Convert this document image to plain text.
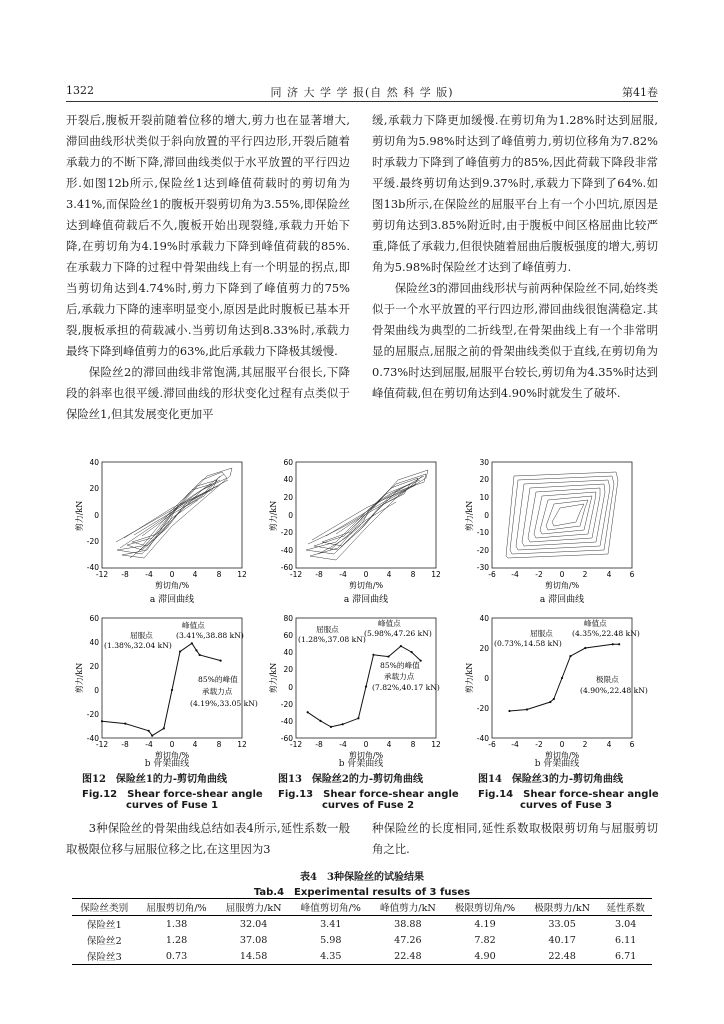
1322	同 济 大 学 学 报(自 然 科 学 版)	第41卷

开裂后,腹板开裂前随着位移的增大,剪力也在显著增大,滞回曲线形状类似于斜向放置的平行四边形,开裂后随着承载力的不断下降,滞回曲线类似于水平放置的平行四边形.如图12b所示,保险丝1达到峰值荷载时的剪切角为3.41%,而保险丝1的腹板开裂剪切角为3.55%,即保险丝达到峰值荷载后不久,腹板开始出现裂缝,承载力开始下降,在剪切角为4.19%时承载力下降到峰值荷载的85%.在承载力下降的过程中骨架曲线上有一个明显的拐点,即当剪切角达到4.74%时,剪力下降到了峰值剪力的75%后,承载力下降的速率明显变小,原因是此时腹板已基本开裂,腹板承担的荷载减小.当剪切角达到8.33%时,承载力最终下降到峰值剪力的63%,此后承载力下降极其缓慢.

保险丝2的滞回曲线非常饱满,其屈服平台很长,下降段的斜率也很平缓.滞回曲线的形状变化过程有点类似于保险丝1,但其发展变化更加平

缓,承载力下降更加缓慢.在剪切角为1.28%时达到屈服,剪切角为5.98%时达到了峰值剪力,剪切位移角为7.82%时承载力下降到了峰值剪力的85%,因此荷载下降段非常平缓.最终剪切角达到9.37%时,承载力下降到了64%.如图13b所示,在保险丝的屈服平台上有一个小凹坑,原因是剪切角达到3.85%附近时,由于腹板中间区格屈曲比较严重,降低了承载力,但很快随着屈曲后腹板强度的增大,剪切角为5.98%时保险丝才达到了峰值剪力.

保险丝3的滞回曲线形状与前两种保险丝不同,始终类似于一个水平放置的平行四边形,滞回曲线很饱满稳定.其骨架曲线为典型的二折线型,在骨架曲线上有一个非常明显的屈服点,屈服之前的骨架曲线类似于直线,在剪切角为0.73%时达到屈服,屈服平台较长,剪切角为4.35%时达到峰值荷载,但在剪切角达到4.90%时就发生了破坏.

-12 -8 -4 0 4	8 12
40
20
0
-20
-40
剪切角/%
剪力/kN
a 滞回曲线
-12 -8 -4 0 4	8 12
60
40
20
0
-20
-40
峰值点
屈服点	(3.41%,38.88 kN)
(1.38%,32.04 kN)
85%的峰值
承载力点
(4.19%,33.05 kN)
剪切角/%
剪力/kN
b 骨架曲线
图12　保险丝1的力-剪切角曲线
Fig.12　Shear force-shear angle
curves of Fuse 1
-12 -8 -4 0 4	8 12
60
40
20
0
-20
-40
-60
剪切角/%
剪力/kN
a 滞回曲线
-12 -8 -4 0 4	8 12
80
60
40
20
0
-20
-40
-60
峰值点
屈服点	(5.98%,47.26 kN)
(1.28%,37.08 kN)
85%的峰值
承载力点
(7.82%,40.17 kN)
剪切角/%
剪力/kN
b 骨架曲线
图13　保险丝2的力-剪切角曲线
Fig.13　Shear force-shear angle
curves of Fuse 2
-6 -4 -2 0 2	4 6
30
20
10
0
-10
-20
-30
剪切角/%
剪力/kN
a 滞回曲线
-6 -4 -2 0 2	4 6
40
20
0
-20
-40
峰值点
屈服点	(4.35%,22.48 kN)
(0.73%,14.58 kN)
极限点
(4.90%,22.48 kN)
剪切角/%
剪力/kN
b 骨架曲线
图14　保险丝3的力-剪切角曲线
Fig.14　Shear force-shear angle
curves of Fuse 3
3种保险丝的骨架曲线总结如表4所示,延性系数一般取极限位移与屈服位移之比,在这里因为3
种保险丝的长度相同,延性系数取极限剪切角与屈服剪切角之比.
表4　3种保险丝的试验结果
Tab.4　Experimental results of 3 fuses
保险丝类别	屈服剪切角/%	屈服剪力/kN	峰值剪切角/%	峰值剪力/kN	极限剪切角/%	极限剪力/kN	延性系数
保险丝1	1.38	32.04	3.41	38.88	4.19	33.05	3.04
保险丝2	1.28	37.08	5.98	47.26	7.82	40.17	6.11
保险丝3	0.73	14.58	4.35	22.48	4.90	22.48	6.71
